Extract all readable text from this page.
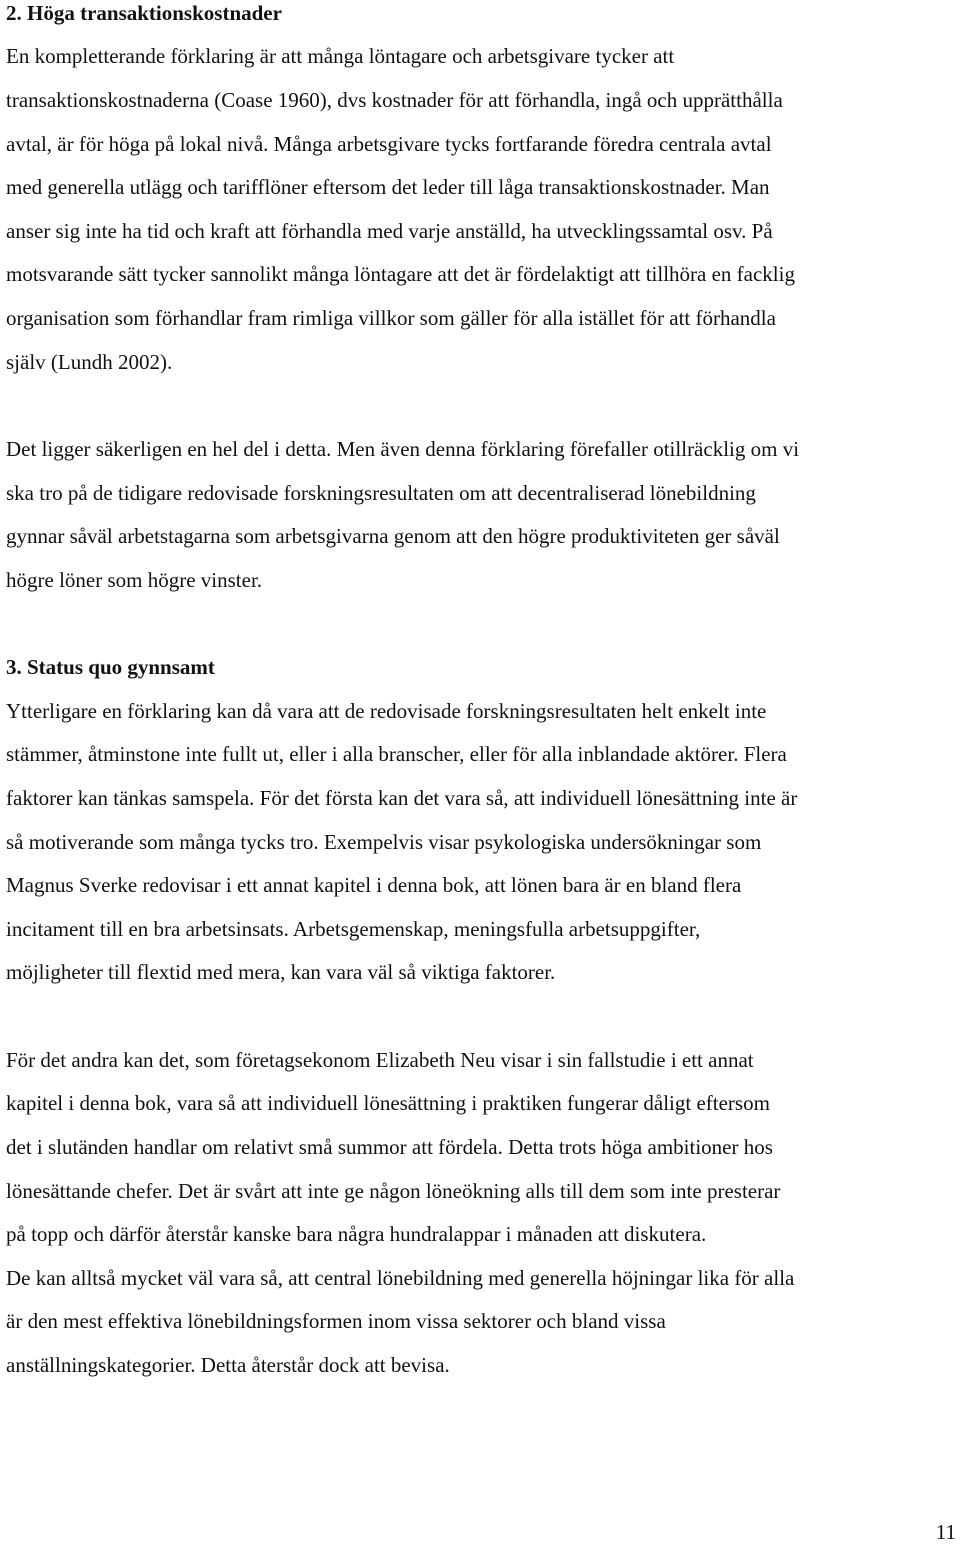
2. Höga transaktionskostnader
En kompletterande förklaring är att många löntagare och arbetsgivare tycker att
transaktionskostnaderna (Coase 1960), dvs kostnader för att förhandla, ingå och upprätthålla
avtal, är för höga på lokal nivå. Många arbetsgivare tycks fortfarande föredra centrala avtal
med generella utlägg och tarifflöner eftersom det leder till låga transaktionskostnader. Man
anser sig inte ha tid och kraft att förhandla med varje anställd, ha utvecklingssamtal osv. På
motsvarande sätt tycker sannolikt många löntagare att det är fördelaktigt att tillhöra en facklig
organisation som förhandlar fram rimliga villkor som gäller för alla istället för att förhandla
själv (Lundh 2002).
Det ligger säkerligen en hel del i detta. Men även denna förklaring förefaller otillräcklig om vi
ska tro på de tidigare redovisade forskningsresultaten om att decentraliserad lönebildning
gynnar såväl arbetstagarna som arbetsgivarna genom att den högre produktiviteten ger såväl
högre löner som högre vinster.
3. Status quo gynnsamt
Ytterligare en förklaring kan då vara att de redovisade forskningsresultaten helt enkelt inte
stämmer, åtminstone inte fullt ut, eller i alla branscher, eller för alla inblandade aktörer. Flera
faktorer kan tänkas samspela. För det första kan det vara så, att individuell lönesättning inte är
så motiverande som många tycks tro. Exempelvis visar psykologiska undersökningar som
Magnus Sverke redovisar i ett annat kapitel i denna bok, att lönen bara är en bland flera
incitament till en bra arbetsinsats. Arbetsgemenskap, meningsfulla arbetsuppgifter,
möjligheter till flextid med mera, kan vara väl så viktiga faktorer.
För det andra kan det, som företagsekonom Elizabeth Neu visar i sin fallstudie i ett annat
kapitel i denna bok, vara så att individuell lönesättning i praktiken fungerar dåligt eftersom
det i slutänden handlar om relativt små summor att fördela. Detta trots höga ambitioner hos
lönesättande chefer. Det är svårt att inte ge någon löneökning alls till dem som inte presterar
på topp och därför återstår kanske bara några hundralappar i månaden att diskutera.
De kan alltså mycket väl vara så, att central lönebildning med generella höjningar lika för alla
är den mest effektiva lönebildningsformen inom vissa sektorer och bland vissa
anställningskategorier. Detta återstår dock att bevisa.
11
